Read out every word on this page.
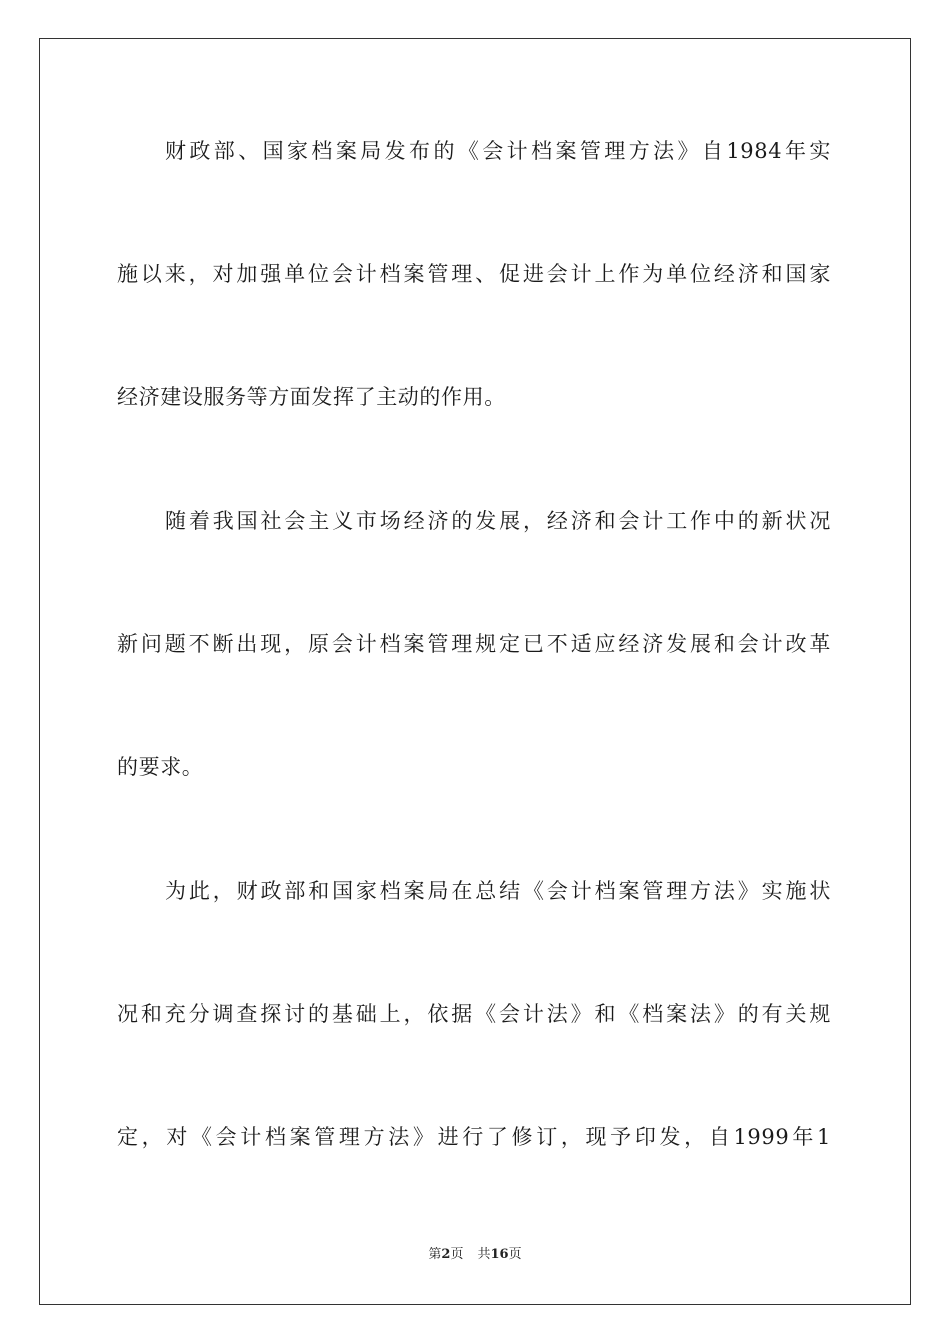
财政部、国家档案局发布的《会计档案管理方法》自1984年实
施以来，对加强单位会计档案管理、促进会计上作为单位经济和国家
经济建设服务等方面发挥了主动的作用。
随着我国社会主义市场经济的发展，经济和会计工作中的新状况
新问题不断出现，原会计档案管理规定已不适应经济发展和会计改革
的要求。
为此，财政部和国家档案局在总结《会计档案管理方法》实施状
况和充分调查探讨的基础上，依据《会计法》和《档案法》的有关规
定，对《会计档案管理方法》进行了修订，现予印发，自1999年1
第2页 共16页
